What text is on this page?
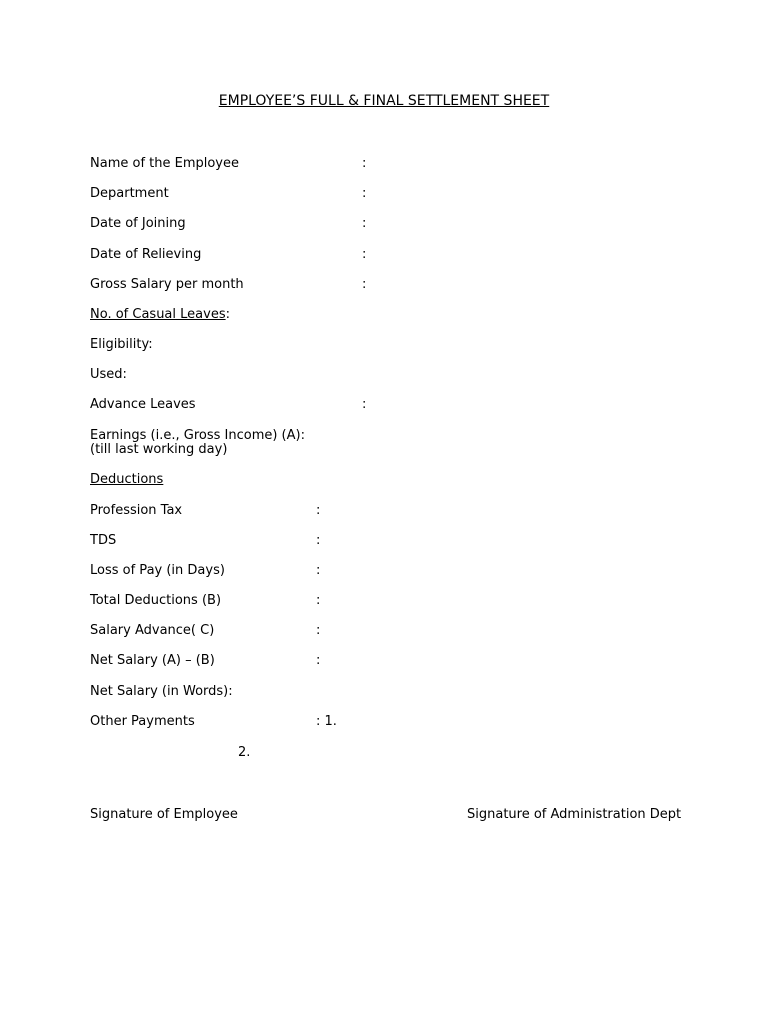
EMPLOYEE’S FULL & FINAL SETTLEMENT SHEET
Name of the Employee	:
Department	:
Date of Joining	:
Date of Relieving	:
Gross Salary per month	:
No. of Casual Leaves:
Eligibility:
Used:
Advance Leaves	:
Earnings (i.e., Gross Income) (A):
(till last working day)
Deductions
Profession Tax	:
TDS	:
Loss of Pay (in Days)	:
Total Deductions (B)	:
Salary Advance( C)	:
Net Salary (A) – (B)	:
Net Salary (in Words):
Other Payments	: 1.
2.
Signature of Employee	Signature of Administration Dept
